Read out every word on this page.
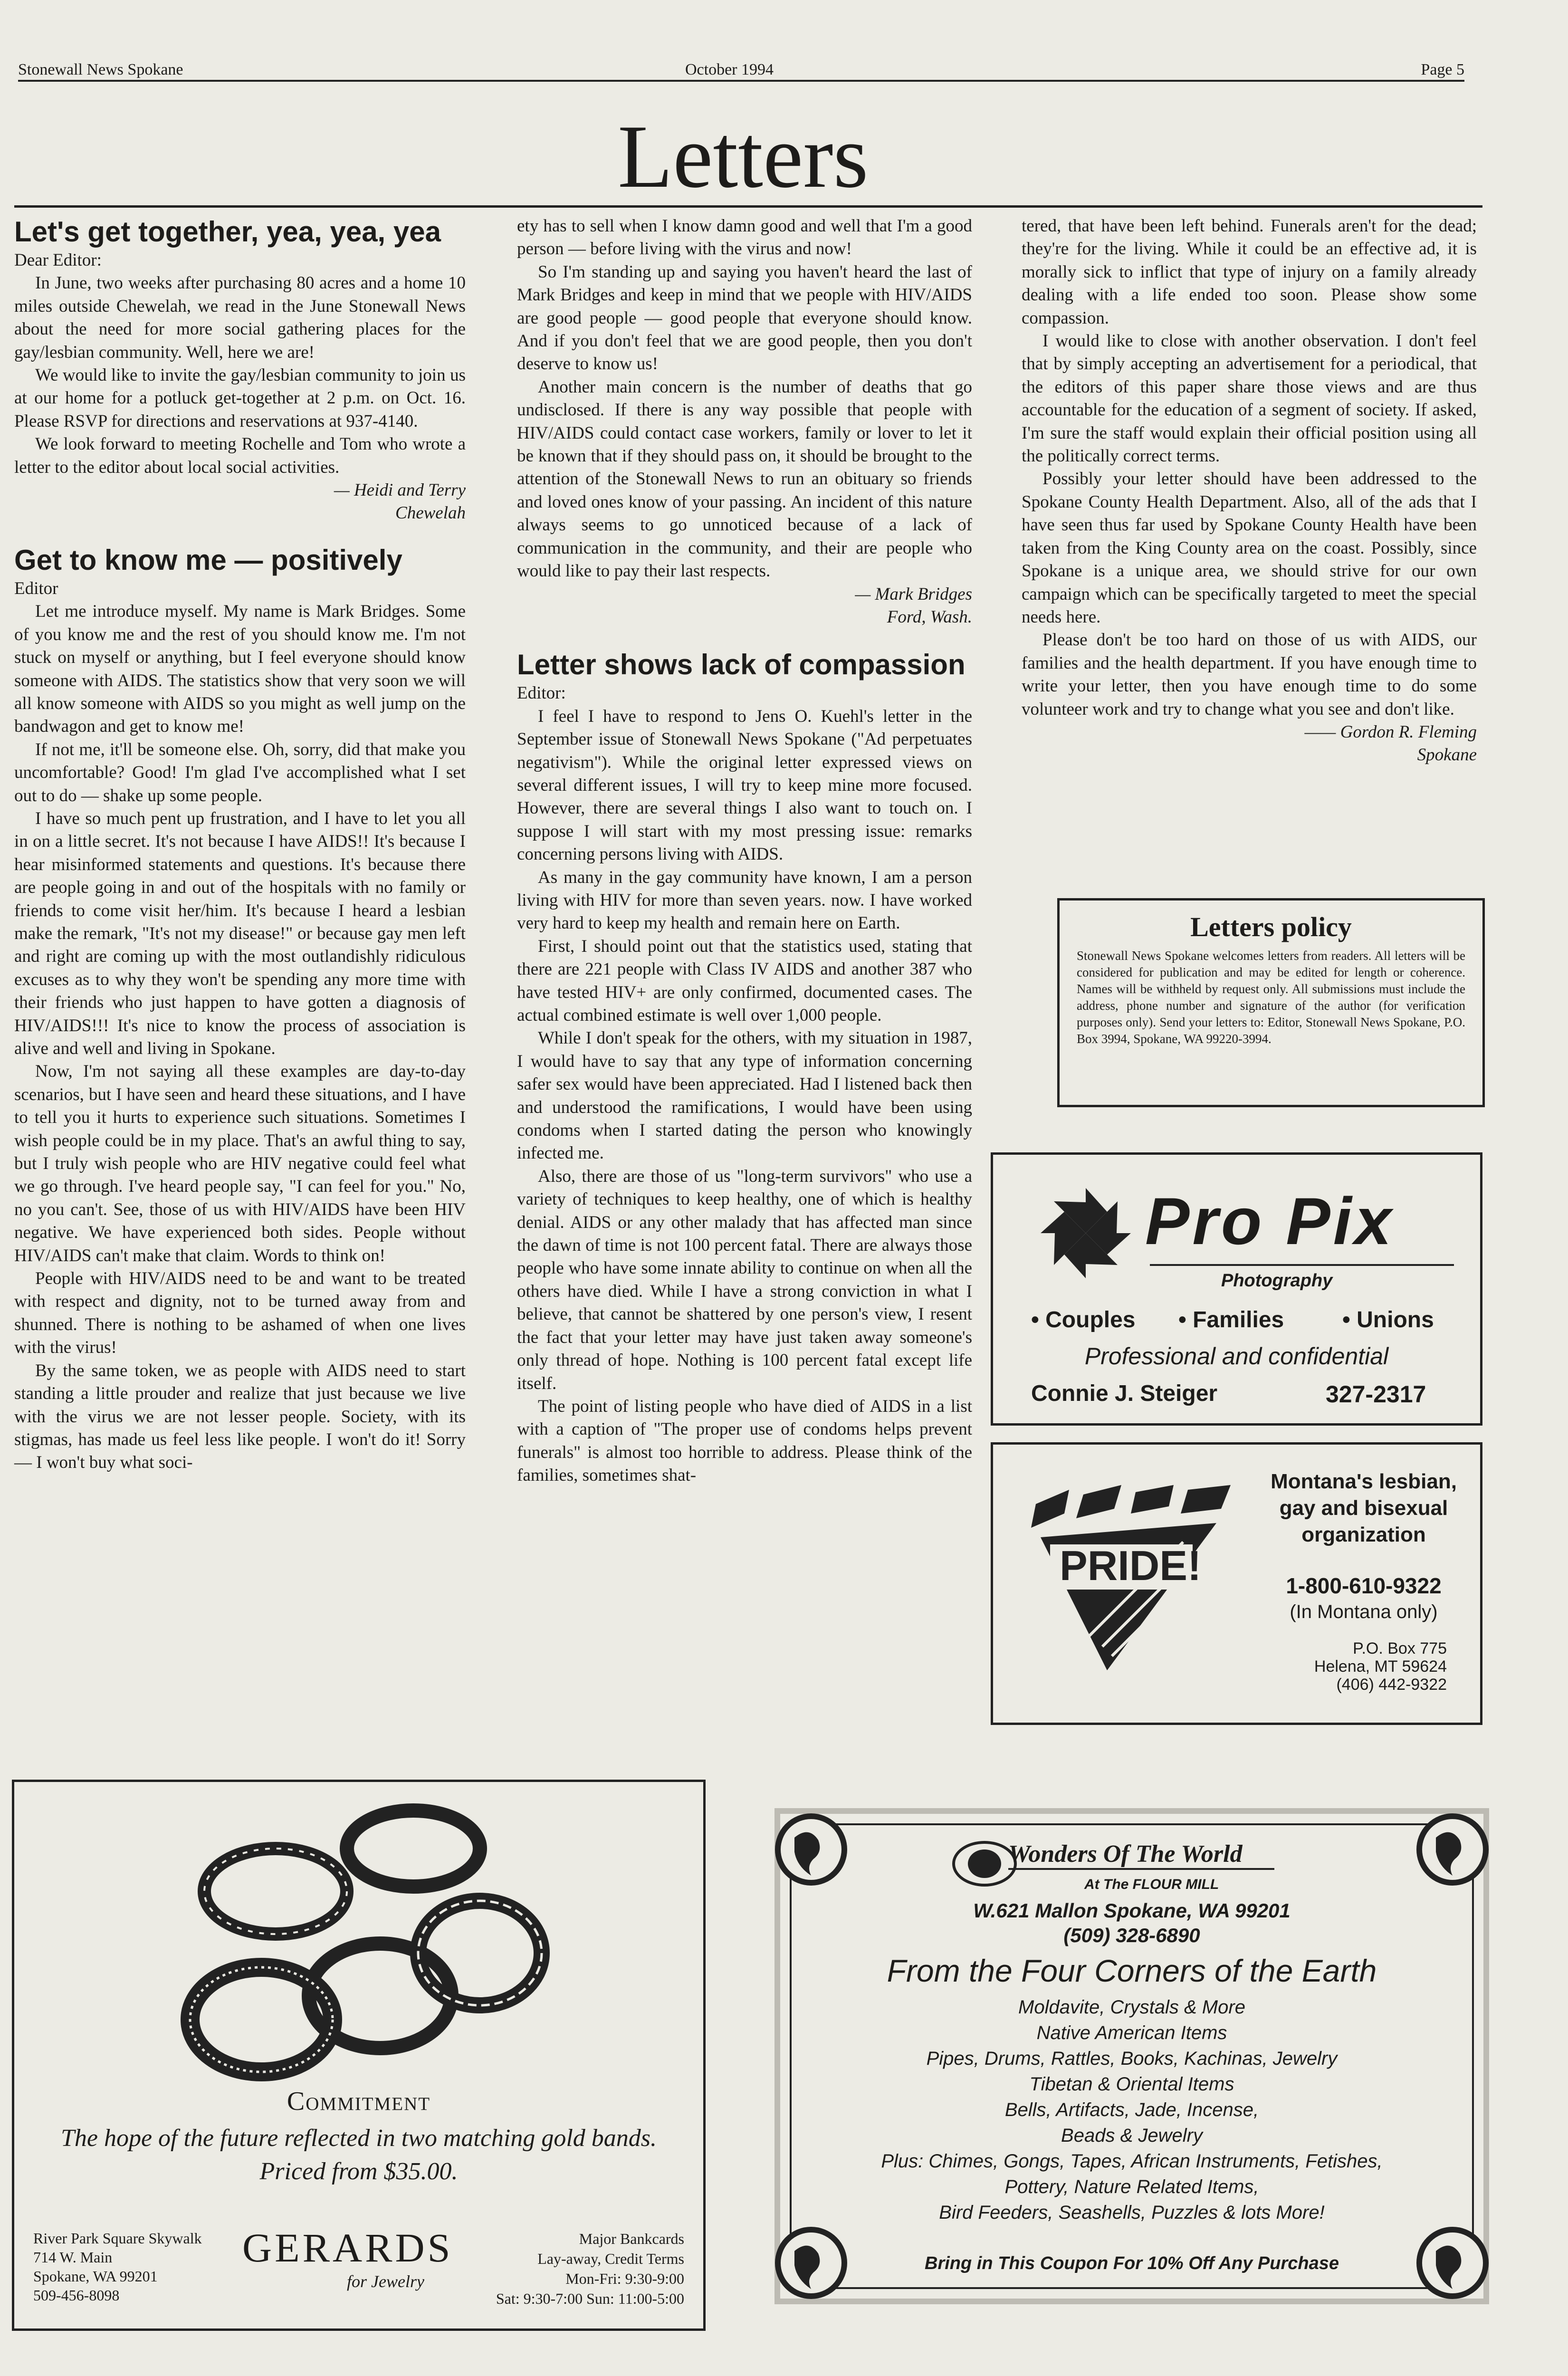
Stonewall News Spokane	October 1994	Page 5
Letters

Let's get together, yea, yea, yea

Dear Editor:

In June, two weeks after purchasing 80 acres and a home 10 miles outside Chewelah, we read in the June Stonewall News about the need for more social gathering places for the gay/lesbian community. Well, here we are!

We would like to invite the gay/lesbian community to join us at our home for a potluck get-together at 2 p.m. on Oct. 16. Please RSVP for directions and reservations at 937-4140.

We look forward to meeting Rochelle and Tom who wrote a letter to the editor about local social activities.

— Heidi and Terry

Chewelah

Get to know me — positively

Editor

Let me introduce myself. My name is Mark Bridges. Some of you know me and the rest of you should know me. I'm not stuck on myself or anything, but I feel everyone should know someone with AIDS. The statistics show that very soon we will all know someone with AIDS so you might as well jump on the bandwagon and get to know me!

If not me, it'll be someone else. Oh, sorry, did that make you uncomfortable? Good! I'm glad I've accomplished what I set out to do — shake up some people.

I have so much pent up frustration, and I have to let you all in on a little secret. It's not because I have AIDS!! It's because I hear misinformed statements and questions. It's because there are people going in and out of the hospitals with no family or friends to come visit her/him. It's because I heard a lesbian make the remark, "It's not my disease!" or because gay men left and right are coming up with the most outlandishly ridiculous excuses as to why they won't be spending any more time with their friends who just happen to have gotten a diagnosis of HIV/AIDS!!! It's nice to know the process of association is alive and well and living in Spokane.

Now, I'm not saying all these examples are day-to-day scenarios, but I have seen and heard these situations, and I have to tell you it hurts to experience such situations. Sometimes I wish people could be in my place. That's an awful thing to say, but I truly wish people who are HIV negative could feel what we go through. I've heard people say, "I can feel for you." No, no you can't. See, those of us with HIV/AIDS have been HIV negative. We have experienced both sides. People without HIV/AIDS can't make that claim. Words to think on!

People with HIV/AIDS need to be and want to be treated with respect and dignity, not to be turned away from and shunned. There is nothing to be ashamed of when one lives with the virus!

By the same token, we as people with AIDS need to start standing a little prouder and realize that just because we live with the virus we are not lesser people. Society, with its stigmas, has made us feel less like people. I won't do it! Sorry — I won't buy what soci-

ety has to sell when I know damn good and well that I'm a good person — before living with the virus and now!

So I'm standing up and saying you haven't heard the last of Mark Bridges and keep in mind that we people with HIV/AIDS are good people — good people that everyone should know. And if you don't feel that we are good people, then you don't deserve to know us!

Another main concern is the number of deaths that go undisclosed. If there is any way possible that people with HIV/AIDS could contact case workers, family or lover to let it be known that if they should pass on, it should be brought to the attention of the Stonewall News to run an obituary so friends and loved ones know of your passing. An incident of this nature always seems to go unnoticed because of a lack of communication in the community, and their are people who would like to pay their last respects.

— Mark Bridges

Ford, Wash.

Letter shows lack of compassion

Editor:

I feel I have to respond to Jens O. Kuehl's letter in the September issue of Stonewall News Spokane ("Ad perpetuates negativism"). While the original letter expressed views on several different issues, I will try to keep mine more focused. However, there are several things I also want to touch on. I suppose I will start with my most pressing issue: remarks concerning persons living with AIDS.

As many in the gay community have known, I am a person living with HIV for more than seven years. now. I have worked very hard to keep my health and remain here on Earth.

First, I should point out that the statistics used, stating that there are 221 people with Class IV AIDS and another 387 who have tested HIV+ are only confirmed, documented cases. The actual combined estimate is well over 1,000 people.

While I don't speak for the others, with my situation in 1987, I would have to say that any type of information concerning safer sex would have been appreciated. Had I listened back then and understood the ramifications, I would have been using condoms when I started dating the person who knowingly infected me.

Also, there are those of us "long-term survivors" who use a variety of techniques to keep healthy, one of which is healthy denial. AIDS or any other malady that has affected man since the dawn of time is not 100 percent fatal. There are always those people who have some innate ability to continue on when all the others have died. While I have a strong conviction in what I believe, that cannot be shattered by one person's view, I resent the fact that your letter may have just taken away someone's only thread of hope. Nothing is 100 percent fatal except life itself.

The point of listing people who have died of AIDS in a list with a caption of "The proper use of condoms helps prevent funerals" is almost too horrible to address. Please think of the families, sometimes shat-

tered, that have been left behind. Funerals aren't for the dead; they're for the living. While it could be an effective ad, it is morally sick to inflict that type of injury on a family already dealing with a life ended too soon. Please show some compassion.

I would like to close with another observation. I don't feel that by simply accepting an advertisement for a periodical, that the editors of this paper share those views and are thus accountable for the education of a segment of society. If asked, I'm sure the staff would explain their official position using all the politically correct terms.

Possibly your letter should have been addressed to the Spokane County Health Department. Also, all of the ads that I have seen thus far used by Spokane County Health have been taken from the King County area on the coast. Possibly, since Spokane is a unique area, we should strive for our own campaign which can be specifically targeted to meet the special needs here.

Please don't be too hard on those of us with AIDS, our families and the health department. If you have enough time to write your letter, then you have enough time to do some volunteer work and try to change what you see and don't like.

—— Gordon R. Fleming

Spokane

Letters policy
Stonewall News Spokane welcomes letters from readers. All letters will be considered for publication and may be edited for length or coherence. Names will be withheld by request only. All submissions must include the address, phone number and signature of the author (for verification purposes only). Send your letters to: Editor, Stonewall News Spokane, P.O. Box 3994, Spokane, WA 99220-3994.
Pro Pix
Photography
• Couples • Families	• Unions
Professional and confidential
Connie J. Steiger	327-2317
PRIDE!
Montana's lesbian, gay and bisexual organization
1-800-610-9322
(In Montana only)
P.O. Box 775
Helena, MT 59624
(406) 442-9322
Commitment
The hope of the future reflected in two matching gold bands.
Priced from $35.00.
River Park Square Skywalk
714 W. Main
Spokane, WA 99201
509-456-8098
GERARDS
for Jewelry
Major Bankcards
Lay-away, Credit Terms
Mon-Fri: 9:30-9:00
Sat: 9:30-7:00 Sun: 11:00-5:00
Wonders Of The World
At The FLOUR MILL
W.621 Mallon Spokane, WA 99201
(509) 328-6890
From the Four Corners of the Earth
Moldavite, Crystals & More
Native American Items
Pipes, Drums, Rattles, Books, Kachinas, Jewelry
Tibetan & Oriental Items
Bells, Artifacts, Jade, Incense,
Beads & Jewelry
Plus: Chimes, Gongs, Tapes, African Instruments, Fetishes,
Pottery, Nature Related Items,
Bird Feeders, Seashells, Puzzles & lots More!
Bring in This Coupon For 10% Off Any Purchase
